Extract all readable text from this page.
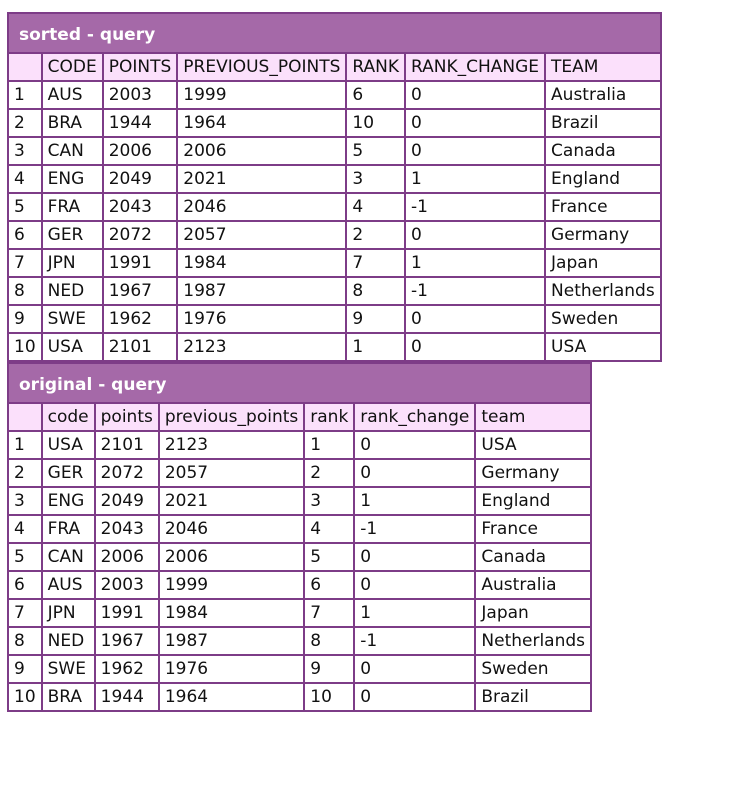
sorted - query
	CODE	POINTS	PREVIOUS_POINTS	RANK	RANK_CHANGE	TEAM
1	AUS	2003	1999	6	0	Australia
2	BRA	1944	1964	10	0	Brazil
3	CAN	2006	2006	5	0	Canada
4	ENG	2049	2021	3	1	England
5	FRA	2043	2046	4	-1	France
6	GER	2072	2057	2	0	Germany
7	JPN	1991	1984	7	1	Japan
8	NED	1967	1987	8	-1	Netherlands
9	SWE	1962	1976	9	0	Sweden
10	USA	2101	2123	1	0	USA
original - query
	code	points	previous_points	rank	rank_change	team
1	USA	2101	2123	1	0	USA
2	GER	2072	2057	2	0	Germany
3	ENG	2049	2021	3	1	England
4	FRA	2043	2046	4	-1	France
5	CAN	2006	2006	5	0	Canada
6	AUS	2003	1999	6	0	Australia
7	JPN	1991	1984	7	1	Japan
8	NED	1967	1987	8	-1	Netherlands
9	SWE	1962	1976	9	0	Sweden
10	BRA	1944	1964	10	0	Brazil
